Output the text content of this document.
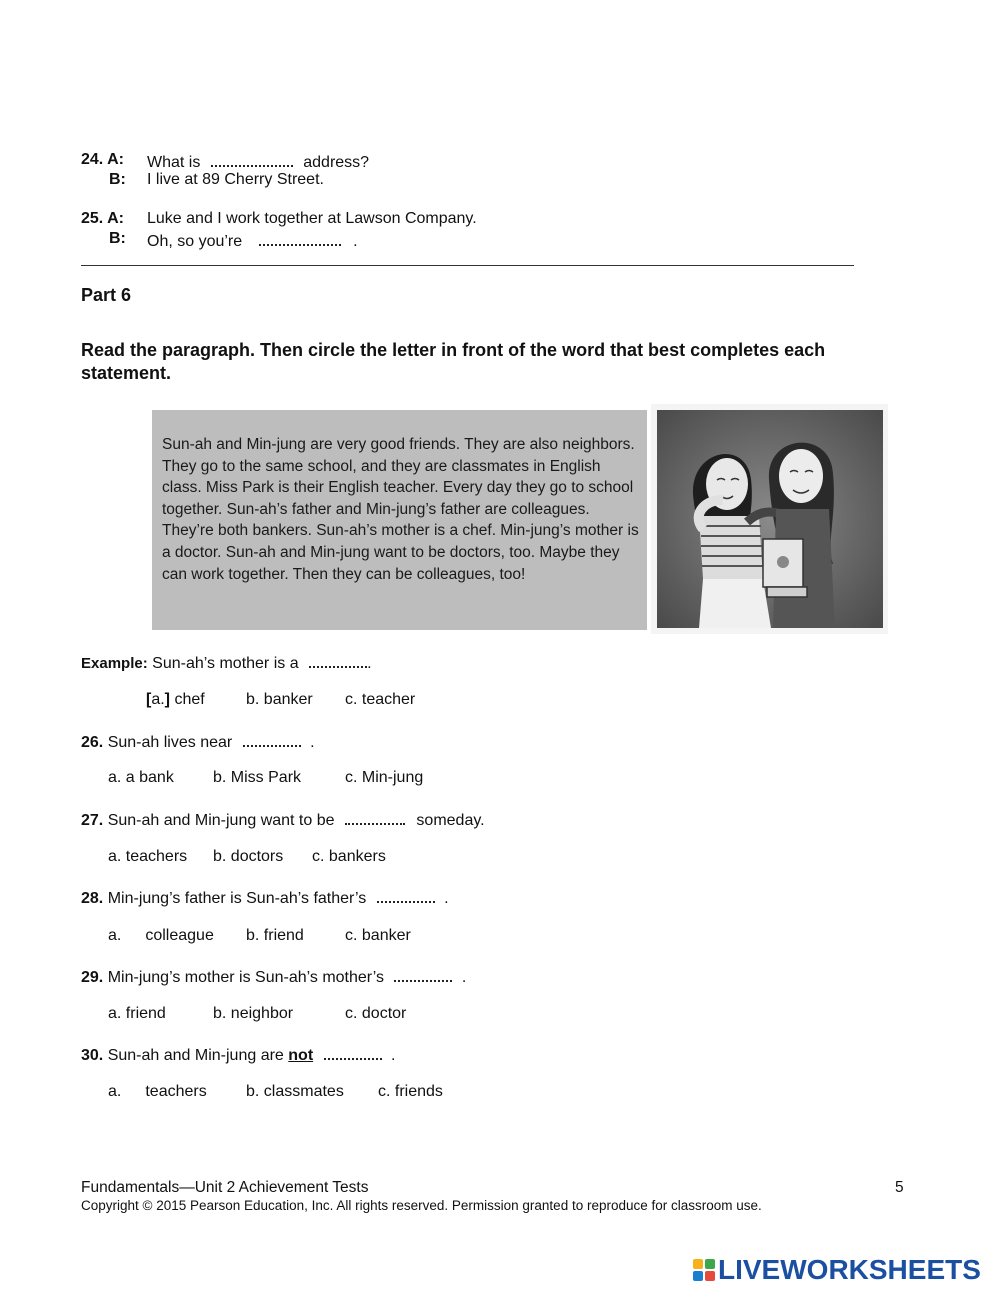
24. A: What is	address?
B: I live at 89 Cherry Street.
25. A: Luke and I work together at Lawson Company.
B: Oh, so you’re	.
Part 6
Read the paragraph. Then circle the letter in front of the word that best completes each statement.
Sun-ah and Min-jung are very good friends. They are also neighbors. They go to the same school, and they are classmates in English class. Miss Park is their English teacher. Every day they go to school together. Sun-ah’s father and Min-jung’s father are colleagues. They’re both bankers. Sun-ah’s mother is a chef. Min-jung’s mother is a doctor. Sun-ah and Min-jung want to be doctors, too. Maybe they can work together. Then they can be colleagues, too!
Example: Sun-ah’s mother is a	.
[a.] chef	b. banker c. teacher
26. Sun-ah lives near	.
a. a bank b. Miss Park	c. Min-jung
27. Sun-ah and Min-jung want to be	someday.
a. teachers b. doctors c. bankers
28. Min-jung’s father is Sun-ah’s father’s	.
a. colleague b. friend	c. banker
29. Min-jung’s mother is Sun-ah’s mother’s	.
a. friend	b. neighbor	c. doctor
30. Sun-ah and Min-jung are not	.
a. teachers b. classmates c. friends
Fundamentals—Unit 2 Achievement Tests	5
Copyright © 2015 Pearson Education, Inc. All rights reserved. Permission granted to reproduce for classroom use.
LIVEWORKSHEETS
